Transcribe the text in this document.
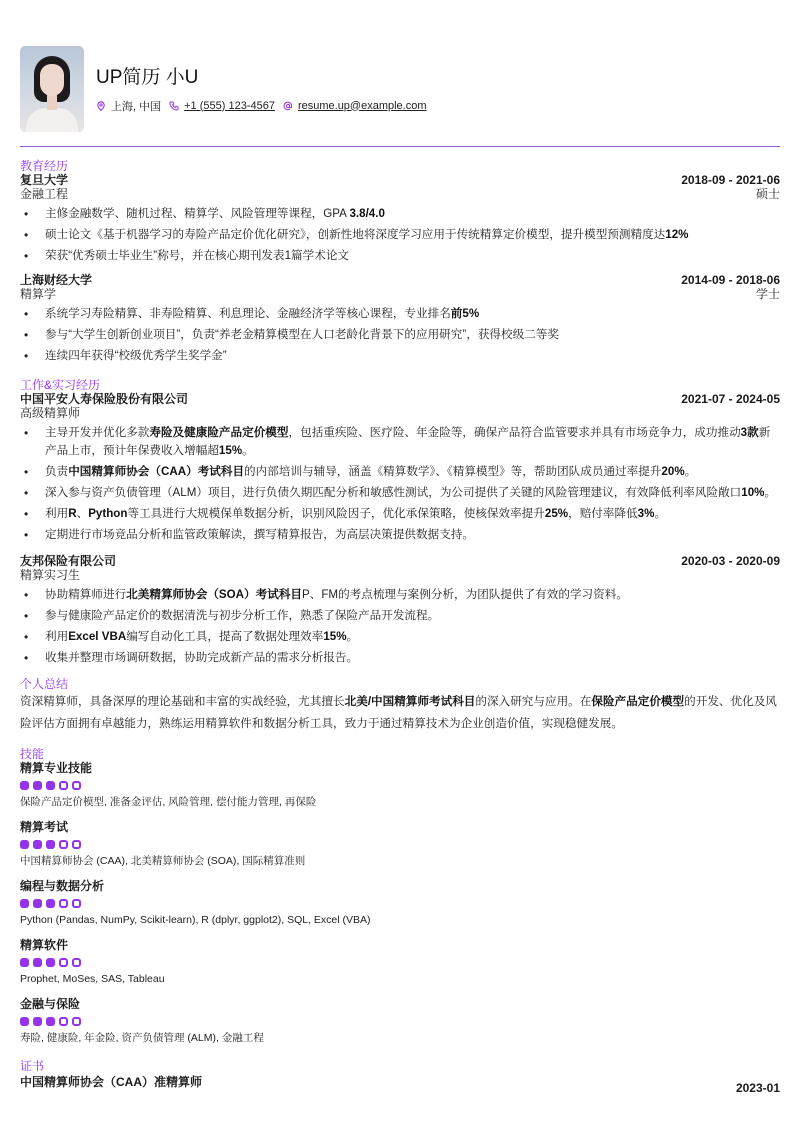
UP简历 小U
上海, 中国 +1 (555) 123-4567 resume.up@example.com
教育经历
复旦大学	2018-09 - 2021-06
金融工程	硕士
• 主修金融数学、随机过程、精算学、风险管理等课程，GPA 3.8/4.0
• 硕士论文《基于机器学习的寿险产品定价优化研究》，创新性地将深度学习应用于传统精算定价模型，提升模型预测精度达12%
• 荣获“优秀硕士毕业生”称号，并在核心期刊发表1篇学术论文
上海财经大学	2014-09 - 2018-06
精算学	学士
• 系统学习寿险精算、非寿险精算、利息理论、金融经济学等核心课程，专业排名前5%
• 参与“大学生创新创业项目”，负责“养老金精算模型在人口老龄化背景下的应用研究”，获得校级二等奖
• 连续四年获得“校级优秀学生奖学金”
工作&实习经历
中国平安人寿保险股份有限公司	2021-07 - 2024-05
高级精算师
• 主导开发并优化多款寿险及健康险产品定价模型，包括重疾险、医疗险、年金险等，确保产品符合监管要求并具有市场竞争力，成功推动3款新产品上市，预计年保费收入增幅超15%。
• 负责中国精算师协会（CAA）考试科目的内部培训与辅导，涵盖《精算数学》、《精算模型》等，帮助团队成员通过率提升20%。
• 深入参与资产负债管理（ALM）项目，进行负债久期匹配分析和敏感性测试，为公司提供了关键的风险管理建议，有效降低利率风险敞口10%。
• 利用R、Python等工具进行大规模保单数据分析，识别风险因子，优化承保策略，使核保效率提升25%，赔付率降低3%。
• 定期进行市场竞品分析和监管政策解读，撰写精算报告，为高层决策提供数据支持。
友邦保险有限公司	2020-03 - 2020-09
精算实习生
• 协助精算师进行北美精算师协会（SOA）考试科目P、FM的考点梳理与案例分析，为团队提供了有效的学习资料。
• 参与健康险产品定价的数据清洗与初步分析工作，熟悉了保险产品开发流程。
• 利用Excel VBA编写自动化工具，提高了数据处理效率15%。
• 收集并整理市场调研数据，协助完成新产品的需求分析报告。
个人总结
资深精算师，具备深厚的理论基础和丰富的实战经验，尤其擅长北美/中国精算师考试科目的深入研究与应用。在保险产品定价模型的开发、优化及风险评估方面拥有卓越能力，熟练运用精算软件和数据分析工具，致力于通过精算技术为企业创造价值，实现稳健发展。
技能
精算专业技能
保险产品定价模型, 准备金评估, 风险管理, 偿付能力管理, 再保险
精算考试
中国精算师协会 (CAA), 北美精算师协会 (SOA), 国际精算准则
编程与数据分析
Python (Pandas, NumPy, Scikit-learn), R (dplyr, ggplot2), SQL, Excel (VBA)
精算软件
Prophet, MoSes, SAS, Tableau
金融与保险
寿险, 健康险, 年金险, 资产负债管理 (ALM), 金融工程
证书
中国精算师协会（CAA）准精算师	2023-01
